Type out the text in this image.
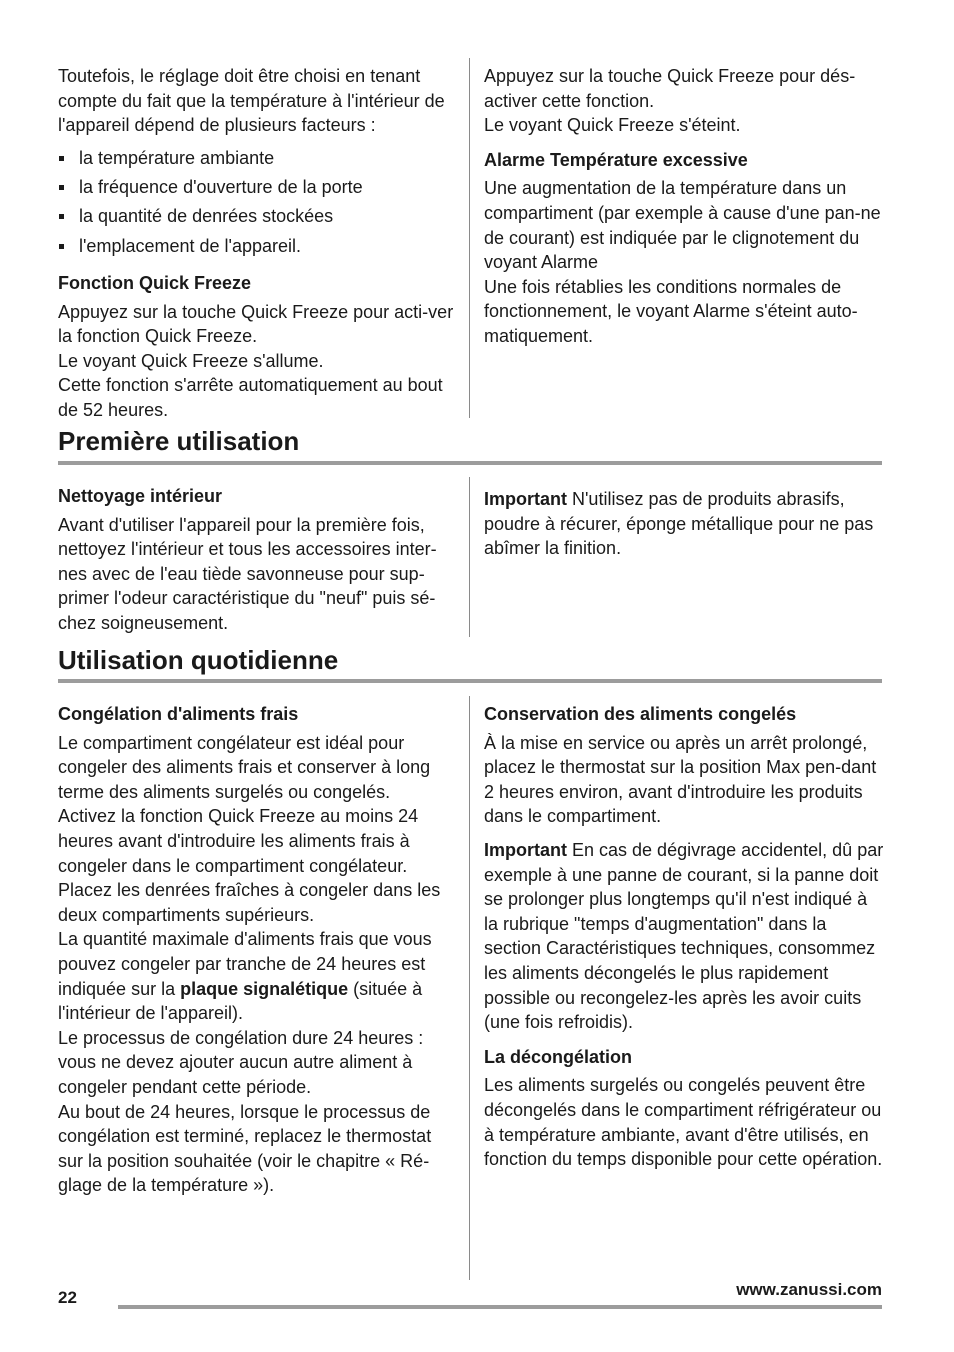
Toutefois, le réglage doit être choisi en tenant compte du fait que la température à l'intérieur de l'appareil dépend de plusieurs facteurs :

la température ambiante
la fréquence d'ouverture de la porte
la quantité de denrées stockées
l'emplacement de l'appareil.
Fonction Quick Freeze

Appuyez sur la touche Quick Freeze pour acti-ver la fonction Quick Freeze.

Le voyant Quick Freeze s'allume.

Cette fonction s'arrête automatiquement au bout de 52 heures.

Appuyez sur la touche Quick Freeze pour dés-activer cette fonction.

Le voyant Quick Freeze s'éteint.

Alarme Température excessive

Une augmentation de la température dans un compartiment (par exemple à cause d'une pan-ne de courant) est indiquée par le clignotement du voyant Alarme

Une fois rétablies les conditions normales de fonctionnement, le voyant Alarme s'éteint auto-matiquement.

Première utilisation
Nettoyage intérieur

Avant d'utiliser l'appareil pour la première fois, nettoyez l'intérieur et tous les accessoires inter-nes avec de l'eau tiède savonneuse pour sup-primer l'odeur caractéristique du "neuf" puis sé-chez soigneusement.

Important N'utilisez pas de produits abrasifs, poudre à récurer, éponge métallique pour ne pas abîmer la finition.

Utilisation quotidienne
Congélation d'aliments frais

Le compartiment congélateur est idéal pour congeler des aliments frais et conserver à long terme des aliments surgelés ou congelés.

Activez la fonction Quick Freeze au moins 24 heures avant d'introduire les aliments frais à congeler dans le compartiment congélateur.

Placez les denrées fraîches à congeler dans les deux compartiments supérieurs.

La quantité maximale d'aliments frais que vous pouvez congeler par tranche de 24 heures est indiquée sur la plaque signalétique (située à l'intérieur de l'appareil).

Le processus de congélation dure 24 heures : vous ne devez ajouter aucun autre aliment à congeler pendant cette période.

Au bout de 24 heures, lorsque le processus de congélation est terminé, replacez le thermostat sur la position souhaitée (voir le chapitre « Ré-glage de la température »).

Conservation des aliments congelés

À la mise en service ou après un arrêt prolongé, placez le thermostat sur la position Max pen-dant 2 heures environ, avant d'introduire les produits dans le compartiment.

Important En cas de dégivrage accidentel, dû par exemple à une panne de courant, si la panne doit se prolonger plus longtemps qu'il n'est indiqué à la rubrique "temps d'augmentation" dans la section Caractéristiques techniques, consommez les aliments décongelés le plus rapidement possible ou recongelez-les après les avoir cuits (une fois refroidis).

La décongélation

Les aliments surgelés ou congelés peuvent être décongelés dans le compartiment réfrigérateur ou à température ambiante, avant d'être utilisés, en fonction du temps disponible pour cette opération.

22	www.zanussi.com
